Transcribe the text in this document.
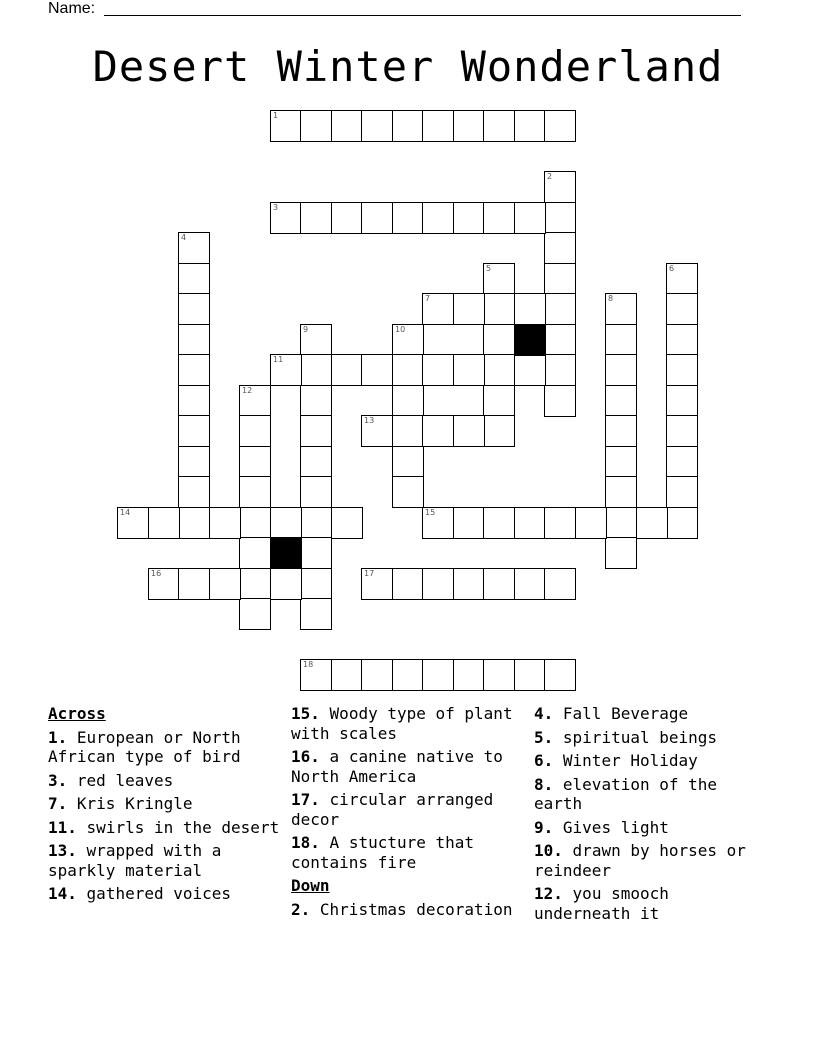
Name:
Desert Winter Wonderland
1
2
3
4
5	6
7	8
9	10
11
12
13
14	15
16	17
18
Across
1. European or North African type of bird
3. red leaves
7. Kris Kringle
11. swirls in the desert
13. wrapped with a sparkly material
14. gathered voices
15. Woody type of plant with scales
16. a canine native to North America
17. circular arranged decor
18. A stucture that contains fire
Down
2. Christmas decoration
4. Fall Beverage
5. spiritual beings
6. Winter Holiday
8. elevation of the earth
9. Gives light
10. drawn by horses or reindeer
12. you smooch underneath it
